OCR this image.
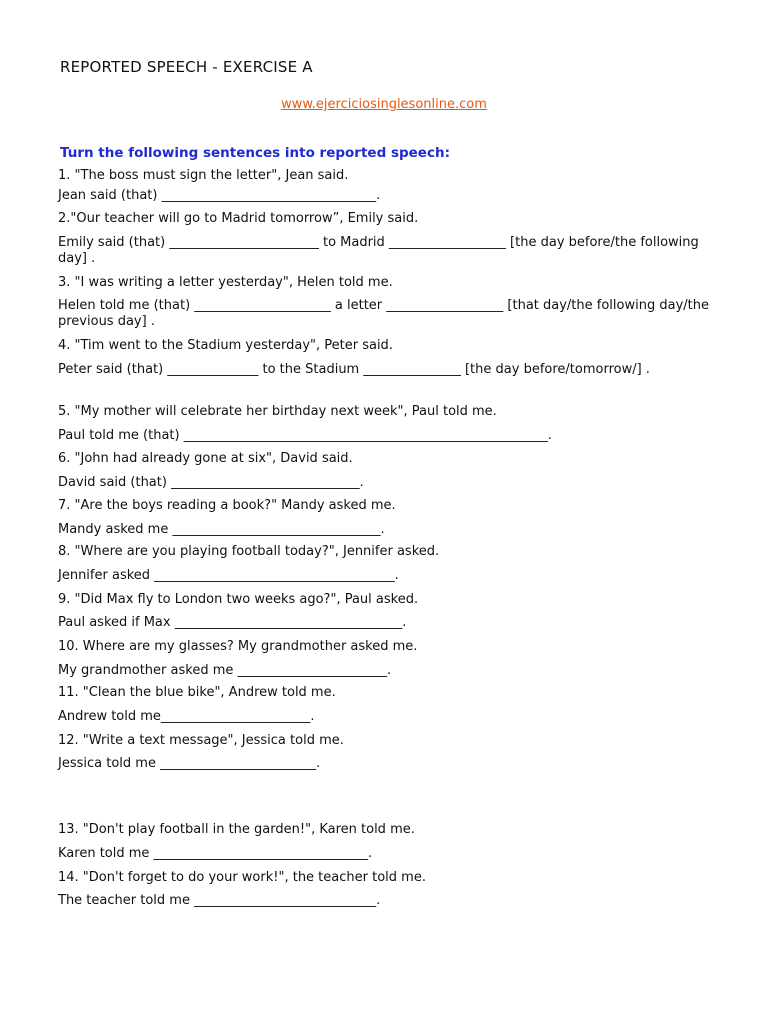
REPORTED SPEECH - EXERCISE A
www.ejerciciosinglesonline.com
Turn the following sentences into reported speech:
1. "The boss must sign the letter", Jean said.
Jean said (that) _________________________________.
2."Our teacher will go to Madrid tomorrow”, Emily said.
Emily said (that) _______________________ to Madrid __________________ [the day before/the following day] .
3. "I was writing a letter yesterday", Helen told me.
Helen told me (that) _____________________ a letter __________________ [that day/the following day/the previous day] .
4. "Tim went to the Stadium yesterday", Peter said.
Peter said (that) ______________ to the Stadium _______________ [the day before/tomorrow/] .
5. "My mother will celebrate her birthday next week", Paul told me.
Paul told me (that) ________________________________________________________.
6. "John had already gone at six", David said.
David said (that) _____________________________.
7. "Are the boys reading a book?" Mandy asked me.
Mandy asked me ________________________________.
8. "Where are you playing football today?", Jennifer asked.
Jennifer asked _____________________________________.
9. "Did Max fly to London two weeks ago?", Paul asked.
Paul asked if Max ___________________________________.
10. Where are my glasses? My grandmother asked me.
My grandmother asked me _______________________.
11. "Clean the blue bike", Andrew told me.
Andrew told me_______________________.
12. "Write a text message", Jessica told me.
Jessica told me ________________________.
13. "Don't play football in the garden!", Karen told me.
Karen told me _________________________________.
14. "Don't forget to do your work!", the teacher told me.
The teacher told me ____________________________.
